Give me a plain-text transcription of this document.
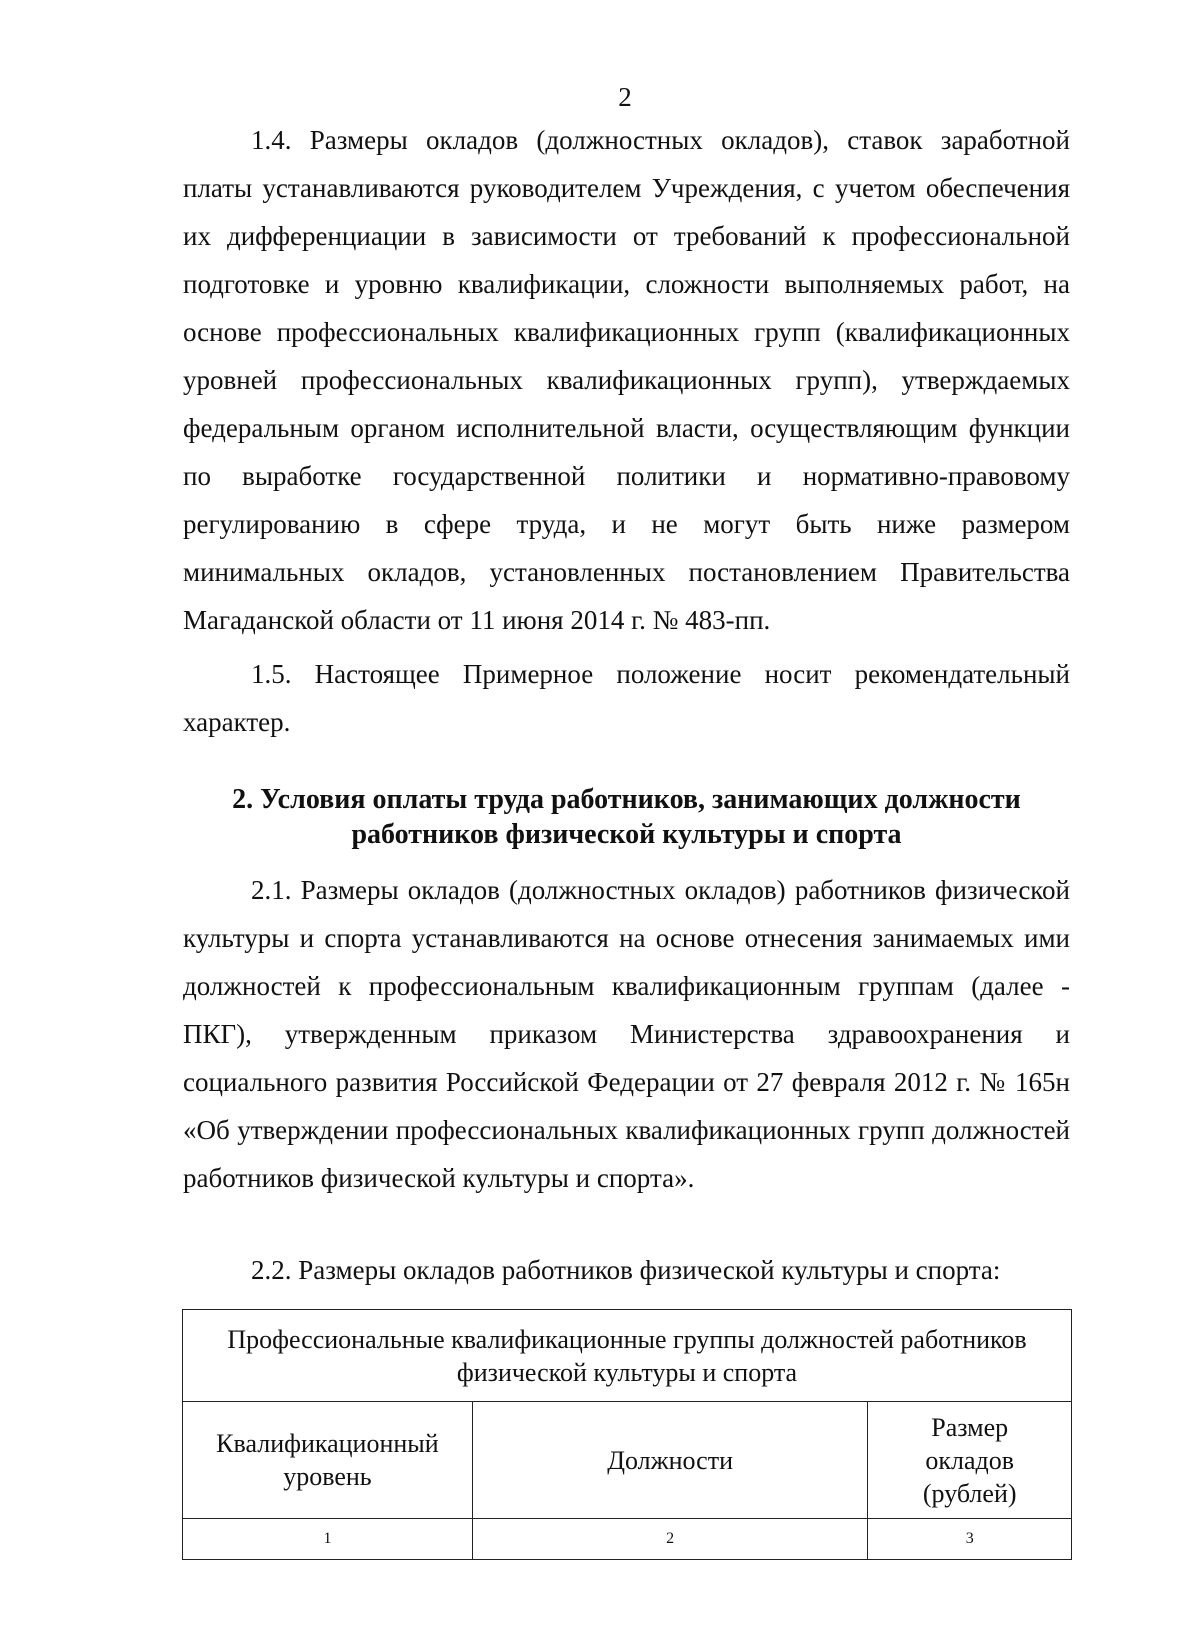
2

1.4. Размеры окладов (должностных окладов), ставок заработной платы устанавливаются руководителем Учреждения, с учетом обеспечения их дифференциации в зависимости от требований к профессиональной подготовке и уровню квалификации, сложности выполняемых работ, на основе профессиональных квалификационных групп (квалификационных уровней профессиональных квалификационных групп), утверждаемых федеральным органом исполнительной власти, осуществляющим функции по выработке государственной политики и нормативно-правовому регулированию в сфере труда, и не могут быть ниже размером минимальных окладов, установленных постановлением Правительства Магаданской области от 11 июня 2014 г. № 483-пп.

1.5. Настоящее Примерное положение носит рекомендательный характер.

2. Условия оплаты труда работников, занимающих должности
работников физической культуры и спорта

2.1. Размеры окладов (должностных окладов) работников физической культуры и спорта устанавливаются на основе отнесения занимаемых ими должностей к профессиональным квалификационным группам (далее - ПКГ), утвержденным приказом Министерства здравоохранения и социального развития Российской Федерации от 27 февраля 2012 г. № 165н «Об утверждении профессиональных квалификационных групп должностей работников физической культуры и спорта».

2.2. Размеры окладов работников физической культуры и спорта:

Профессиональные квалификационные группы должностей работников физической культуры и спорта		
Квалификационный уровень	Должности	Размер окладов (рублей)
1	2	3
